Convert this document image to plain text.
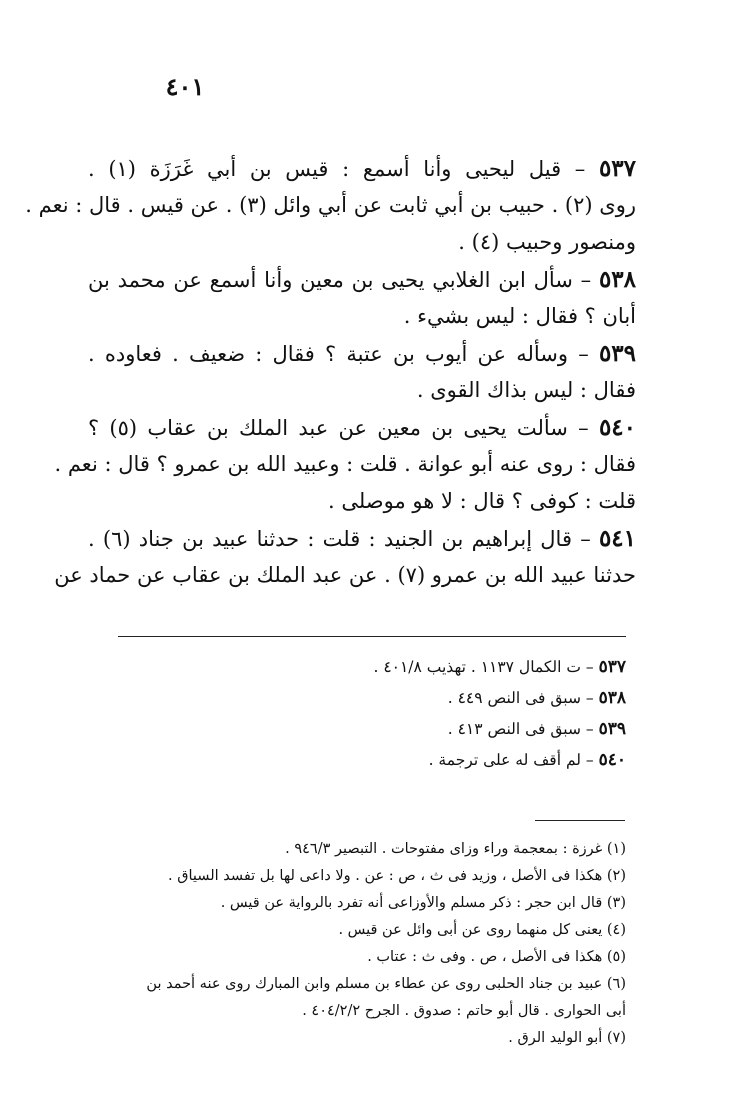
٤٠١
٥٣٧ – قيل ليحيى وأنا أسمع : قيس بن أبي غَرَزَة (١) .
روى (٢) . حبيب بن أبي ثابت عن أبي وائل (٣) . عن قيس . قال : نعم .
ومنصور وحبيب (٤) .
٥٣٨ – سأل ابن الغلابي يحيى بن معين وأنا أسمع عن محمد بن
أبان ؟ فقال : ليس بشيء .
٥٣٩ – وسأله عن أيوب بن عتبة ؟ فقال : ضعيف . فعاوده .
فقال : ليس بذاك القوى .
٥٤٠ – سألت يحيى بن معين عن عبد الملك بن عقاب (٥) ؟
فقال : روى عنه أبو عوانة . قلت : وعبيد الله بن عمرو ؟ قال : نعم .
قلت : كوفى ؟ قال : لا هو موصلى .
٥٤١ – قال إبراهيم بن الجنيد : قلت : حدثنا عبيد بن جناد (٦) .
حدثنا عبيد الله بن عمرو (٧) . عن عبد الملك بن عقاب عن حماد عن
٥٣٧ – ت الكمال ١١٣٧ . تهذيب ٤٠١/٨ .
٥٣٨ – سبق فى النص ٤٤٩ .
٥٣٩ – سبق فى النص ٤١٣ .
٥٤٠ – لم أقف له على ترجمة .
(١) غرزة : بمعجمة وراء وزاى مفتوحات . التبصير ٩٤٦/٣ .
(٢) هكذا فى الأصل ، وزيد فى ث ، ص : عن . ولا داعى لها بل تفسد السياق .
(٣) قال ابن حجر : ذكر مسلم والأوزاعى أنه تفرد بالرواية عن قيس .
(٤) يعنى كل منهما روى عن أبى وائل عن قيس .
(٥) هكذا فى الأصل ، ص . وفى ث : عتاب .
(٦) عبيد بن جناد الحلبى روى عن عطاء بن مسلم وابن المبارك روى عنه أحمد بن
أبى الحوارى . قال أبو حاتم : صدوق . الجرح ٤٠٤/٢/٢ .
(٧) أبو الوليد الرق .
